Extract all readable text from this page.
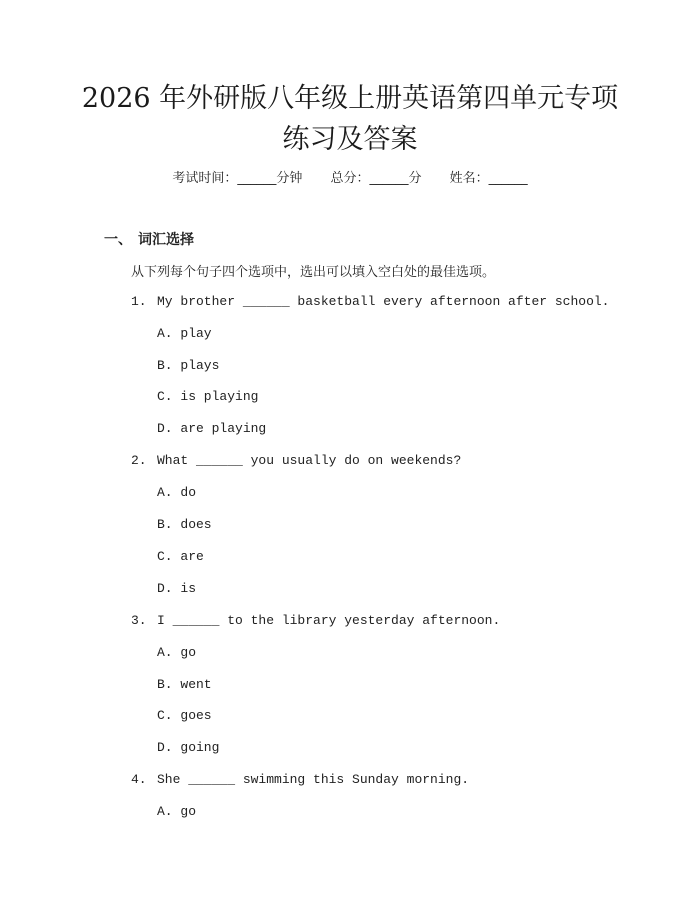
2026 年外研版八年级上册英语第四单元专项
练习及答案
考试时间：______分钟 总分：______分 姓名：______
一、 词汇选择
从下列每个句子四个选项中，选出可以填入空白处的最佳选项。
1. My brother ______ basketball every afternoon after school.
A. play
B. plays
C. is playing
D. are playing
2. What ______ you usually do on weekends?
A. do
B. does
C. are
D. is
3. I ______ to the library yesterday afternoon.
A. go
B. went
C. goes
D. going
4. She ______ swimming this Sunday morning.
A. go
